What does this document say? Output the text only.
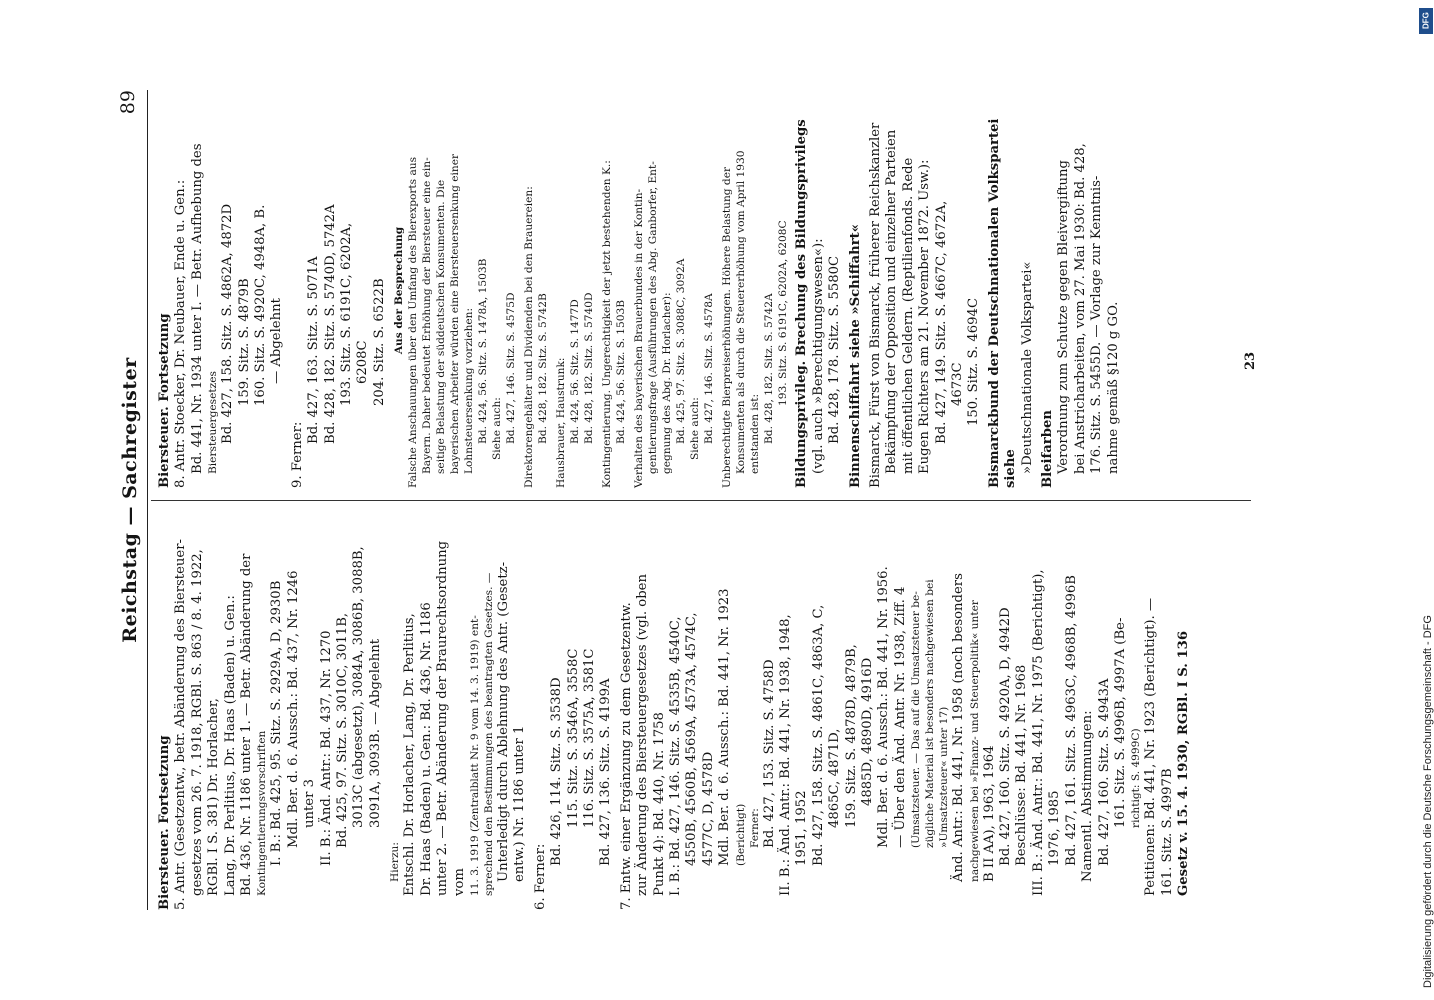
Reichstag — Sachregister
89

Biersteuer. Fortsetzung 5. Antr. (Gesetzentw., betr. Abänderung des Biersteuer- gesetzes vom 26. 7. 1918, RGBl. S. 863 / 8. 4. 1922, RGBl. I S. 381) Dr. Horlacher, Lang, Dr. Perlitius, Dr. Haas (Baden) u. Gen.: Bd. 436, Nr. 1186 unter 1. — Betr. Abänderung der Kontingentierungsvorschriften I. B.: Bd. 425, 95. Sitz. S. 2929A, D, 2930B Mdl. Ber. d. 6. Aussch.: Bd. 437, Nr. 1246 unter 3 II. B.: Änd. Antr.: Bd. 437, Nr. 1270 Bd. 425, 97. Sitz. S. 3010C, 3011B, 3013C (abgesetzt), 3084A, 3086B, 3088B, 3091A, 3093B. — Abgelehnt

Hierzu: Entschl. Dr. Horlacher, Lang, Dr. Perlitius, Dr. Haas (Baden) u. Gen.: Bd. 436, Nr. 1186 unter 2. — Betr. Abänderung der Braurechtsordnung vom 11. 3. 1919 (Zentralblatt Nr. 9 vom 14. 3. 1919) ent- sprechend den Bestimmungen des beantragten Gesetzes. — Unterledigt durch Ablehnung des Antr. (Gesetz- entw.) Nr. 1186 unter 1 6. Ferner:

Bd. 426, 114. Sitz. S. 3538D 115. Sitz. S. 3546A, 3558C 116. Sitz. S. 3575A, 3581C Bd. 427, 136. Sitz. S. 4199A 7. Entw. einer Ergänzung zu dem Gesetzentw. zur Änderung des Biersteuergesetzes (vgl. oben Punkt 4): Bd. 440, Nr. 1758 I. B.: Bd. 427, 146. Sitz. S. 4535B, 4540C, 4550B, 4560B, 4569A, 4573A, 4574C, 4577C, D, 4578D Mdl. Ber. d. 6. Aussch.: Bd. 441, Nr. 1923 (Berichtigt) Ferner: Bd. 427, 153. Sitz. S. 4758D II. B.: Änd. Antr.: Bd. 441, Nr. 1938, 1948, 1951, 1952 Bd. 427, 158. Sitz. S. 4861C, 4863A, C, 4865C, 4871D, 159. Sitz. S. 4878D, 4879B, 4885D, 4890D, 4916D Mdl. Ber. d. 6. Aussch.: Bd. 441, Nr. 1956. — Über den Änd. Antr. Nr. 1938, Ziff. 4 (Umsatzsteuer. — Das auf die Umsatzsteuer be- zügliche Material ist besonders nachgewiesen bei »Umsatzsteuer« unter 17) Änd. Antr.: Bd. 441, Nr. 1958 (noch besonders nachgewiesen bei »Finanz- und Steuerpolitik« unter B II AA), 1963, 1964 Bd. 427, 160. Sitz. S. 4920A, D, 4942D Beschlüsse: Bd. 441, Nr. 1968 III. B.: Änd. Antr.: Bd. 441, Nr. 1975 (Berichtigt), 1976, 1985 Bd. 427, 161. Sitz. S. 4963C, 4968B, 4996B Namentl. Abstimmungen: Bd. 427, 160. Sitz. S. 4943A 161. Sitz. S. 4996B, 4997A (Be- richtigt: S. 4999C) Petitionen: Bd. 441, Nr. 1923 (Berichtigt). — 161. Sitz. S. 4997B Gesetz v. 15. 4. 1930, RGBl. I S. 136

Biersteuer. Fortsetzung 8. Antr. Stoecker, Dr. Neubauer, Ende u. Gen.: Bd. 441, Nr. 1934 unter I. — Betr. Aufhebung des Biersteuergesetzes Bd. 427, 158. Sitz. S. 4862A, 4872D 159. Sitz. S. 4879B 160. Sitz. S. 4920C, 4948A, B. — Abgelehnt

9. Ferner:

Bd. 427, 163. Sitz. S. 5071A Bd. 428, 182. Sitz. S. 5740D, 5742A 193. Sitz. S. 6191C, 6202A, 6208C 204. Sitz. S. 6522B Aus der Besprechung Falsche Anschauungen über den Umfang des Bierexports aus Bayern. Daher bedeutet Erhöhung der Biersteuer eine ein- seitige Belastung der süddeutschen Konsumenten. Die bayerischen Arbeiter würden eine Biersteuersenkung einer Lohnsteuersenkung vorziehen: Bd. 424, 56. Sitz. S. 1478A, 1503B Siehe auch: Bd. 427, 146. Sitz. S. 4575D Direktorengehälter und Dividenden bei den Brauereien: Bd. 428, 182. Sitz. S. 5742B Hausbrauer, Haustrunk: Bd. 424, 56. Sitz. S. 1477D Bd. 428, 182. Sitz. S. 5740D Kontingentierung. Ungerechtigkeit der jetzt bestehenden K.: Bd. 424, 56. Sitz. S. 1503B Verhalten des bayerischen Brauerbundes in der Kontin- gentierungsfrage (Ausführungen des Abg. Ganborfer, Ent- gegnung des Abg. Dr. Horlacher): Bd. 425, 97. Sitz. S. 3088C, 3092A Siehe auch: Bd. 427, 146. Sitz. S. 4578A Unberechtigte Bierpreiserhöhungen. Höhere Belastung der Konsumenten als durch die Steuererhöhung vom April 1930 entstanden ist: Bd. 428, 182. Sitz. S. 5742A 193. Sitz. S. 6191C, 6202A, 6208C Bildungsprivileg. Brechung des Bildungsprivilegs (vgl. auch »Berechtigungswesen«): Bd. 428, 178. Sitz. S. 5580C Binnenschiffahrt siehe »Schiffahrt« Bismarck, Fürst von Bismarck, früherer Reichskanzler Bekämpfung der Opposition und einzelner Parteien mit öffentlichen Geldern. (Reptilienfonds. Rede Eugen Richters am 21. November 1872. Usw.): Bd. 427, 149. Sitz. S. 4667C, 4672A, 4673C 150. Sitz. S. 4694C Bismarckbund der Deutschnationalen Volkspartei siehe »Deutschnationale Volkspartei« Bleifarben Verordnung zum Schutze gegen Bleivergiftung bei Anstricharbeiten, vom 27. Mai 1930: Bd. 428, 176. Sitz. S. 5455D. — Vorlage zur Kenntnis- nahme gemäß §120 g GO.	23
DFG
Digitalisierung gefördert durch die Deutsche Forschungsgemeinschaft - DFG
